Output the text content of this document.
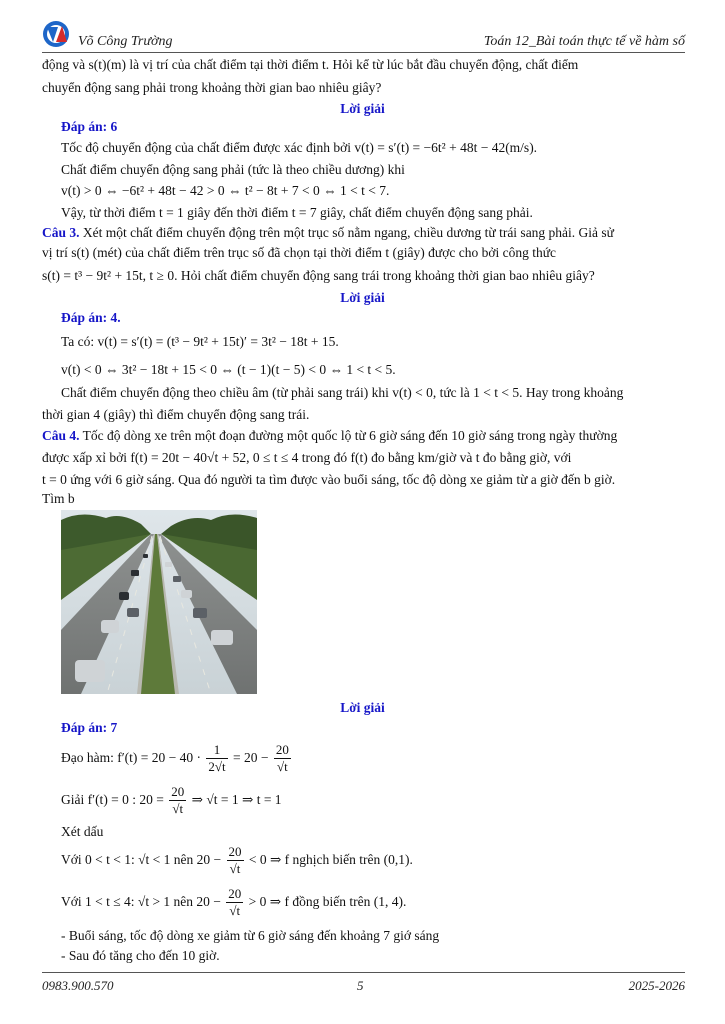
Võ Công Trường	Toán 12_Bài toán thực tế về hàm số
động và s(t)(m) là vị trí của chất điểm tại thời điểm t. Hỏi kể từ lúc bắt đầu chuyển động, chất điểm
chuyển động sang phải trong khoảng thời gian bao nhiêu giây?
Lời giải
Đáp án: 6
Tốc độ chuyển động của chất điểm được xác định bởi v(t) = s′(t) = −6t² + 48t − 42(m/s).
Chất điểm chuyển động sang phải (tức là theo chiều dương) khi
v(t) > 0 ⇔ −6t² + 48t − 42 > 0 ⇔ t² − 8t + 7 < 0 ⇔ 1 < t < 7.
Vậy, từ thời điểm t = 1 giây đến thời điểm t = 7 giây, chất điểm chuyển động sang phải.
Câu 3. Xét một chất điểm chuyển động trên một trục số nằm ngang, chiều dương từ trái sang phải. Giả sử
vị trí s(t) (mét) của chất điểm trên trục số đã chọn tại thời điểm t (giây) được cho bởi công thức
s(t) = t³ − 9t² + 15t, t ≥ 0. Hỏi chất điểm chuyển động sang trái trong khoảng thời gian bao nhiêu giây?
Lời giải
Đáp án: 4.
Ta có: v(t) = s′(t) = (t³ − 9t² + 15t)′ = 3t² − 18t + 15.
v(t) < 0 ⇔ 3t² − 18t + 15 < 0 ⇔ (t − 1)(t − 5) < 0 ⇔ 1 < t < 5.
Chất điểm chuyển động theo chiều âm (từ phải sang trái) khi v(t) < 0, tức là 1 < t < 5. Hay trong khoảng
thời gian 4 (giây) thì điểm chuyển động sang trái.
Câu 4. Tốc độ dòng xe trên một đoạn đường một quốc lộ từ 6 giờ sáng đến 10 giờ sáng trong ngày thường
được xấp xỉ bởi f(t) = 20t − 40√t + 52, 0 ≤ t ≤ 4 trong đó f(t) đo bằng km/giờ và t đo bằng giờ, với
t = 0 ứng với 6 giờ sáng. Qua đó người ta tìm được vào buổi sáng, tốc độ dòng xe giảm từ a giờ đến b giờ.
Tìm b
Lời giải
Đáp án: 7
Đạo hàm: $f'(t) = 20 - 40 \cdot \frac{1}{2√t} = 20 - \frac{20}{√t}$
Giải f′(t) = 0 : $20 = \frac{20}{√t}$ ⇒ √t = 1 ⇒ t = 1
Xét dấu
Với 0 < t < 1: √t < 1 nên $20 - \frac{20}{√t} < 0$ ⇒ f nghịch biến trên (0,1).
Với 1 < t ≤ 4: √t > 1 nên $20 - \frac{20}{√t} > 0$ ⇒ f đồng biến trên (1, 4).
- Buổi sáng, tốc độ dòng xe giảm từ 6 giờ sáng đến khoảng 7 giớ sáng
- Sau đó tăng cho đến 10 giờ.
0983.900.570	5	2025-2026
